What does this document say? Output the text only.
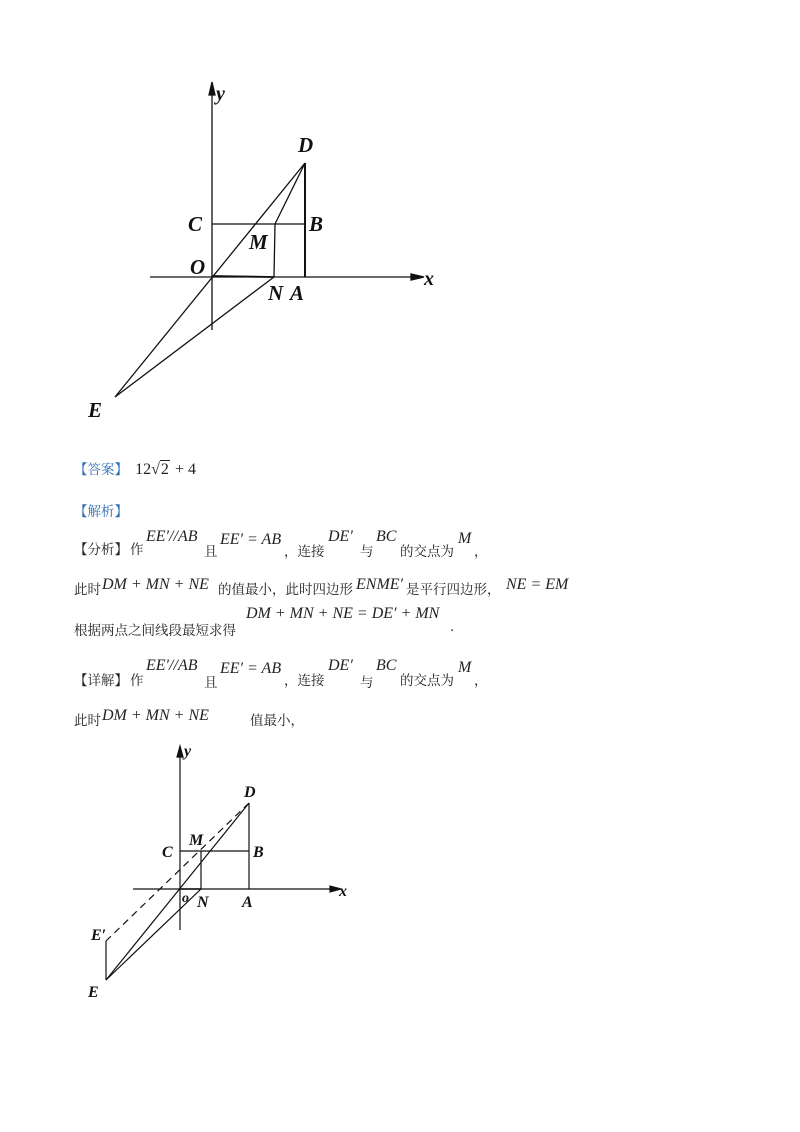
y
x
D
C	B
M
O
N A
E
【答案】 12√2 + 4
【解析】
【分析】 作
EE′//AB
且
EE′ = AB
，连接
DE′
与
BC
的交点为
M
，
此时 DM + MN + NE 的值最小，此时四边形 ENME′ 是平行四边形， NE = EM
根据两点之间线段最短求得
DM + MN + NE = DE′ + MN
.
【详解】 作
EE′//AB
且
EE′ = AB
，连接
DE′
与
BC
的交点为
M
，
此时 DM + MN + NE	值最小，
y
x
D
C	B
M
o N A
E′
E
